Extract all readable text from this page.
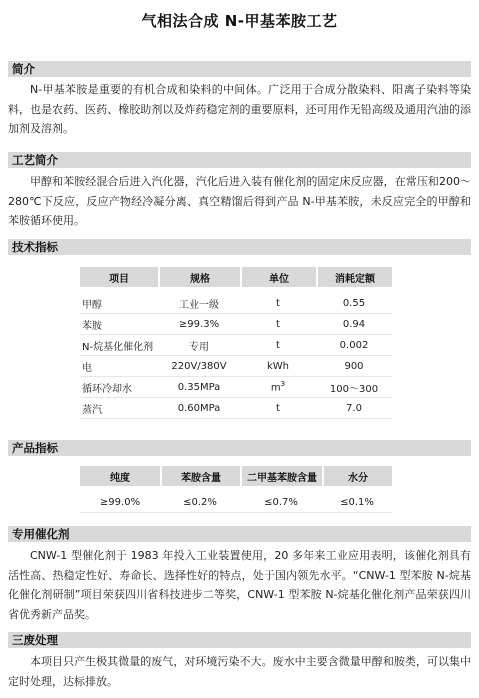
气相法合成 N-甲基苯胺工艺
简介

N-甲基苯胺是重要的有机合成和染料的中间体。广泛用于合成分散染料、阳离子染料等染料，也是农药、医药、橡胶助剂以及炸药稳定剂的重要原料，还可用作无铅高级及通用汽油的添加剂及溶剂。

工艺简介

甲醇和苯胺经混合后进入汽化器，汽化后进入装有催化剂的固定床反应器，在常压和200～280℃下反应，反应产物经冷凝分离、真空精馏后得到产品 N-甲基苯胺，未反应完全的甲醇和苯胺循环使用。

技术指标
项目	规格	单位	消耗定额

甲醇	工业一级	t	0.55
苯胺	≥99.3%	t	0.94
N-烷基化催化剂	专用	t	0.002
电	220V/380V	kWh	900
循环冷却水	0.35MPa	$m^3$	100～300
蒸汽	0.60MPa	t	7.0
产品指标
纯度	苯胺含量	二甲基苯胺含量	水分

≥99.0%	≤0.2%	≤0.7%	≤0.1%
专用催化剂

CNW-1 型催化剂于 1983 年投入工业装置使用，20 多年来工业应用表明，该催化剂具有活性高、热稳定性好、寿命长、选择性好的特点，处于国内领先水平。“CNW-1 型苯胺 N-烷基化催化剂研制”项目荣获四川省科技进步二等奖，CNW-1 型苯胺 N-烷基化催化剂产品荣获四川省优秀新产品奖。

三废处理

本项目只产生极其微量的废气，对环境污染不大。废水中主要含微量甲醇和胺类，可以集中定时处理，达标排放。
